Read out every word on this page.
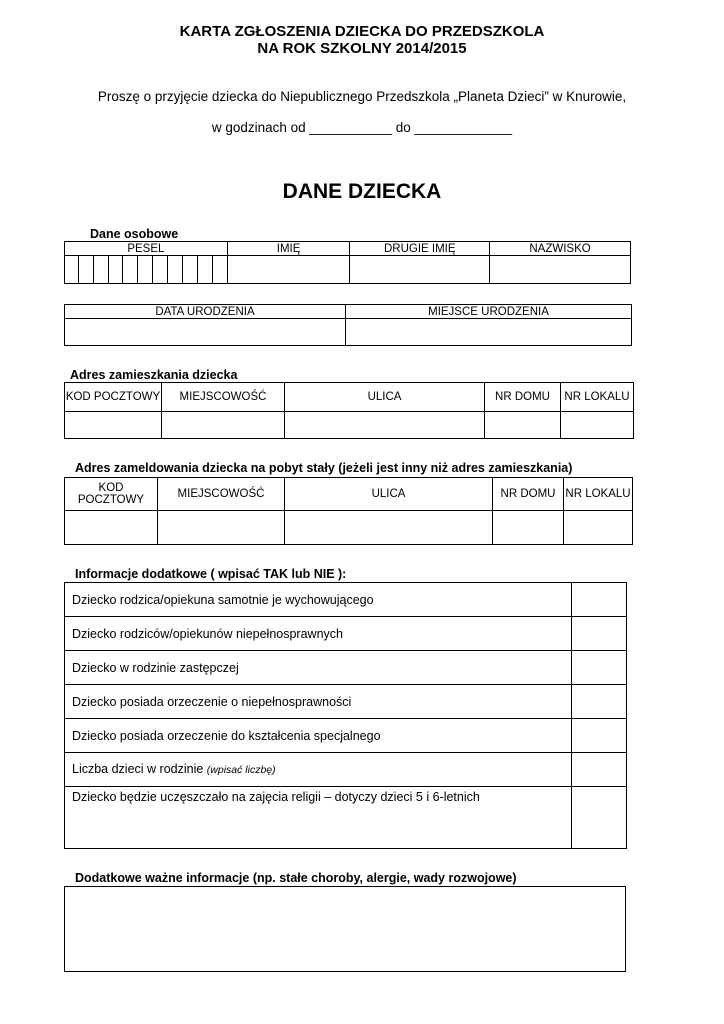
KARTA ZGŁOSZENIA DZIECKA DO PRZEDSZKOLA
NA ROK SZKOLNY 2014/2015
Proszę o przyjęcie dziecka do Niepublicznego Przedszkola „Planeta Dzieci” w Knurowie,
w godzinach od ___________ do _____________
DANE DZIECKA
Dane osobowe
PESEL											IMIĘ	DRUGIE IMIĘ	NAZWISKO

DATA URODZENIA	MIEJSCE URODZENIA

Adres zamieszkania dziecka
KOD POCZTOWY	MIEJSCOWOŚĆ	ULICA	NR DOMU	NR LOKALU

Adres zameldowania dziecka na pobyt stały (jeżeli jest inny niż adres zamieszkania)
KOD POCZTOWY	MIEJSCOWOŚĆ	ULICA	NR DOMU	NR LOKALU

Informacje dodatkowe ( wpisać TAK lub NIE ):
Dziecko rodzica/opiekuna samotnie je wychowującego	
Dziecko rodziców/opiekunów niepełnosprawnych	
Dziecko w rodzinie zastępczej	
Dziecko posiada orzeczenie o niepełnosprawności	
Dziecko posiada orzeczenie do kształcenia specjalnego	
Liczba dzieci w rodzinie (wpisać liczbę)	
Dziecko będzie uczęszczało na zajęcia religii – dotyczy dzieci 5 i 6-letnich	
Dodatkowe ważne informacje (np. stałe choroby, alergie, wady rozwojowe)
